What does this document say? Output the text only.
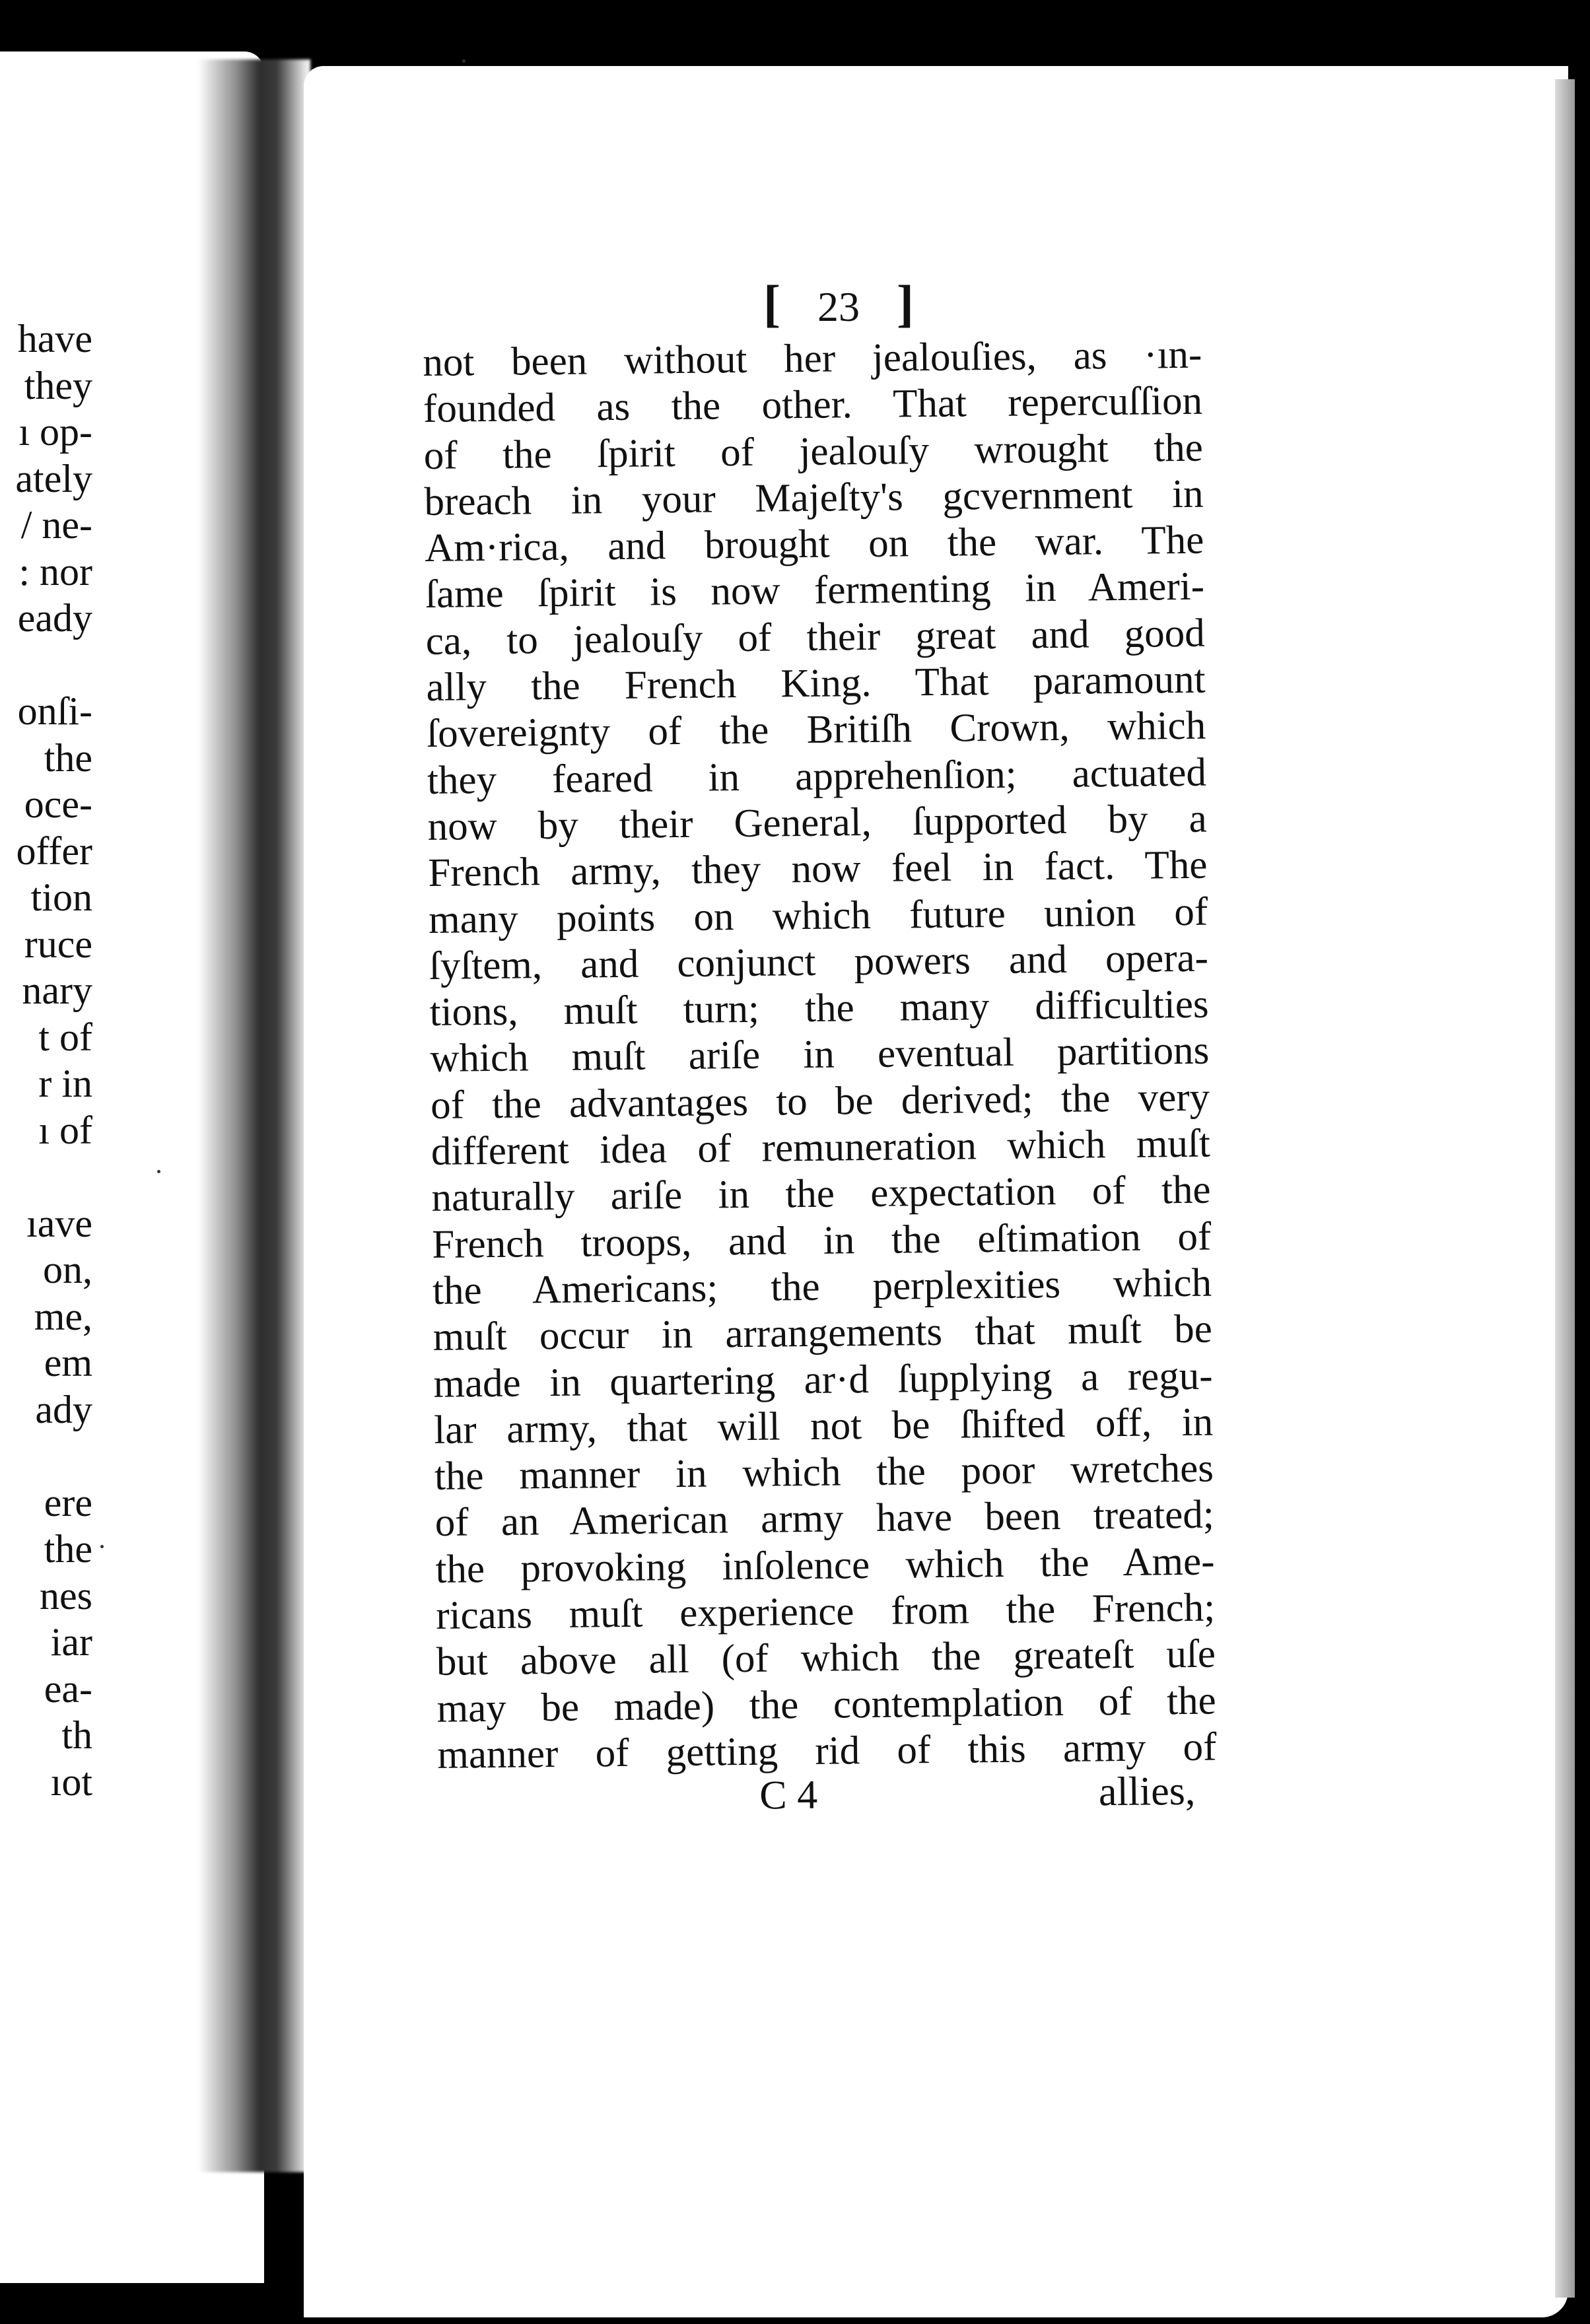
have
they
ı op-
ately
/ ne-
: nor
eady
onſi-
the
oce-
offer
tion
ruce
nary
t of
r in
ı of
ıave
on,
me,
em
ady
ere
the
nes
iar
ea-
th
ıot
[ 23 ]
not been without her jealouſies, as ·ın-
founded as the other. That repercuſſion
of the ſpirit of jealouſy wrought the
breach in your Majeſty's gcvernment in
Am·rica, and brought on the war. The
ſame ſpirit is now fermenting in Ameri-
ca, to jealouſy of their great and good
ally the French King. That paramount
ſovereignty of the Britiſh Crown, which
they feared in apprehenſion; actuated
now by their General, ſupported by a
French army, they now feel in fact. The
many points on which future union of
ſyſtem, and conjunct powers and opera-
tions, muſt turn; the many difficulties
which muſt ariſe in eventual partitions
of the advantages to be derived; the very
different idea of remuneration which muſt
naturally ariſe in the expectation of the
French troops, and in the eſtimation of
the Americans; the perplexities which
muſt occur in arrangements that muſt be
made in quartering ar·d ſupplying a regu-
lar army, that will not be ſhifted off, in
the manner in which the poor wretches
of an American army have been treated;
the provoking inſolence which the Ame-
ricans muſt experience from the French;
but above all (of which the greateſt uſe
may be made) the contemplation of the
manner of getting rid of this army of
C 4	allies,
